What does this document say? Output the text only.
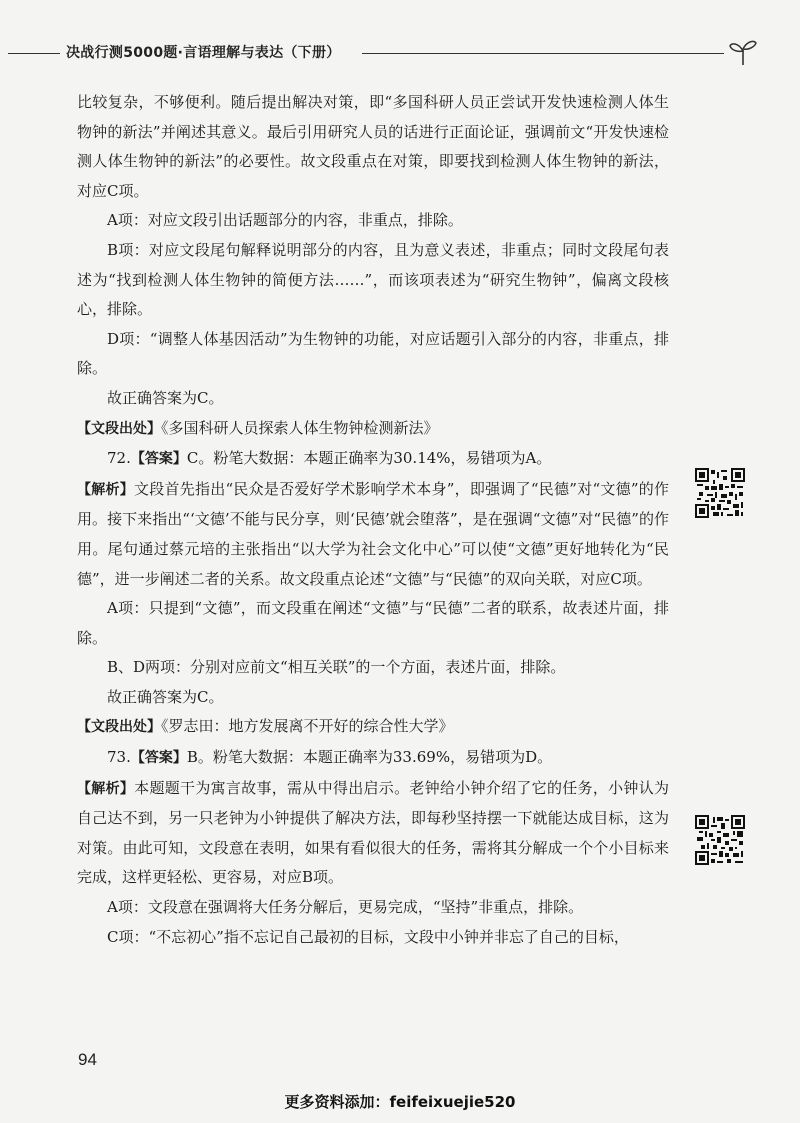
决战行测5000题·言语理解与表达（下册）

比较复杂，不够便利。随后提出解决对策，即“多国科研人员正尝试开发快速检测人体生物钟的新法”并阐述其意义。最后引用研究人员的话进行正面论证，强调前文“开发快速检测人体生物钟的新法”的必要性。故文段重点在对策，即要找到检测人体生物钟的新法，对应C项。

A项：对应文段引出话题部分的内容，非重点，排除。

B项：对应文段尾句解释说明部分的内容，且为意义表述，非重点；同时文段尾句表述为“找到检测人体生物钟的简便方法……”，而该项表述为“研究生物钟”，偏离文段核心，排除。

D项：“调整人体基因活动”为生物钟的功能，对应话题引入部分的内容，非重点，排除。

故正确答案为C。

【文段出处】《多国科研人员探索人体生物钟检测新法》

72.【答案】C。粉笔大数据：本题正确率为30.14%，易错项为A。

【解析】文段首先指出“民众是否爱好学术影响学术本身”，即强调了“民德”对“文德”的作用。接下来指出“‘文德’不能与民分享，则‘民德’就会堕落”，是在强调“文德”对“民德”的作用。尾句通过蔡元培的主张指出“以大学为社会文化中心”可以使“文德”更好地转化为“民德”，进一步阐述二者的关系。故文段重点论述“文德”与“民德”的双向关联，对应C项。

A项：只提到“文德”，而文段重在阐述“文德”与“民德”二者的联系，故表述片面，排除。

B、D两项：分别对应前文“相互关联”的一个方面，表述片面，排除。

故正确答案为C。

【文段出处】《罗志田：地方发展离不开好的综合性大学》

73.【答案】B。粉笔大数据：本题正确率为33.69%，易错项为D。

【解析】本题题干为寓言故事，需从中得出启示。老钟给小钟介绍了它的任务，小钟认为自己达不到，另一只老钟为小钟提供了解决方法，即每秒坚持摆一下就能达成目标，这为对策。由此可知，文段意在表明，如果有看似很大的任务，需将其分解成一个个小目标来完成，这样更轻松、更容易，对应B项。

A项：文段意在强调将大任务分解后，更易完成，“坚持”非重点，排除。

C项：“不忘初心”指不忘记自己最初的目标，文段中小钟并非忘了自己的目标，

94
更多资料添加：feifeixuejie520
